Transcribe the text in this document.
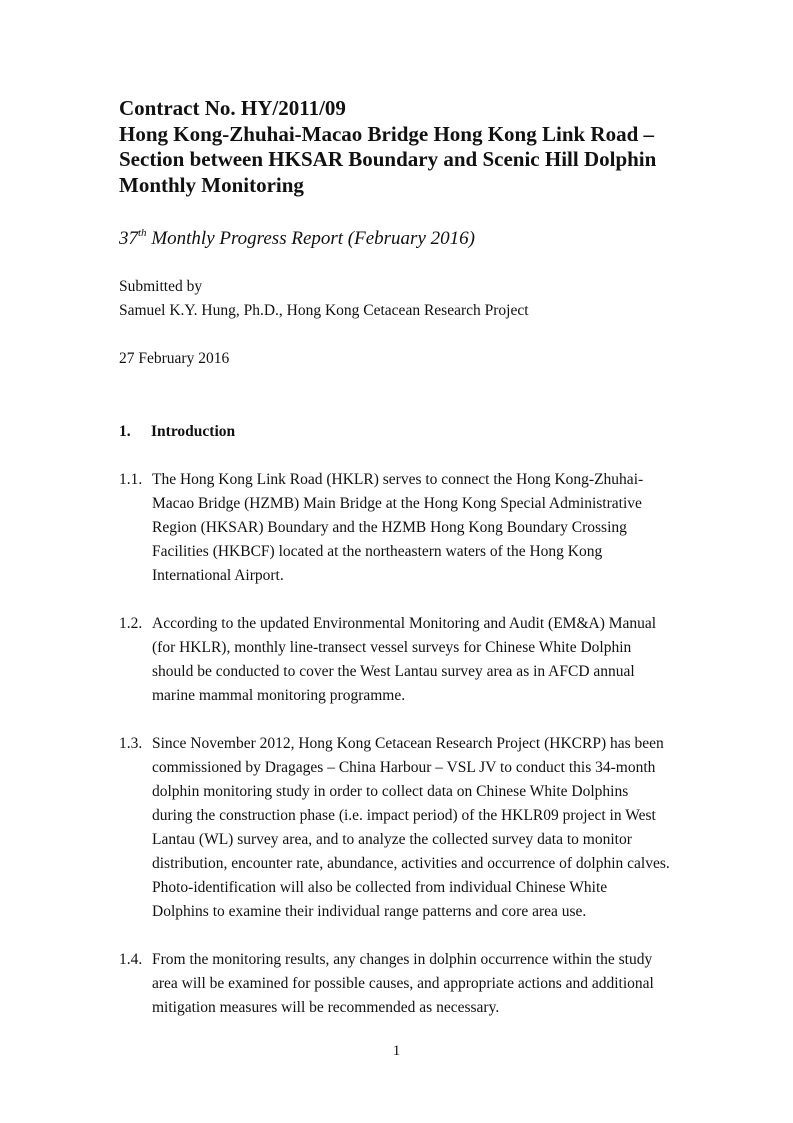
Contract No. HY/2011/09
Hong Kong-Zhuhai-Macao Bridge Hong Kong Link Road –
Section between HKSAR Boundary and Scenic Hill Dolphin
Monthly Monitoring
37th Monthly Progress Report (February 2016)
Submitted by
Samuel K.Y. Hung, Ph.D., Hong Kong Cetacean Research Project
27 February 2016
1. Introduction
1.1. The Hong Kong Link Road (HKLR) serves to connect the Hong Kong-Zhuhai-
Macao Bridge (HZMB) Main Bridge at the Hong Kong Special Administrative
Region (HKSAR) Boundary and the HZMB Hong Kong Boundary Crossing
Facilities (HKBCF) located at the northeastern waters of the Hong Kong
International Airport.
1.2. According to the updated Environmental Monitoring and Audit (EM&A) Manual
(for HKLR), monthly line-transect vessel surveys for Chinese White Dolphin
should be conducted to cover the West Lantau survey area as in AFCD annual
marine mammal monitoring programme.
1.3. Since November 2012, Hong Kong Cetacean Research Project (HKCRP) has been
commissioned by Dragages – China Harbour – VSL JV to conduct this 34-month
dolphin monitoring study in order to collect data on Chinese White Dolphins
during the construction phase (i.e. impact period) of the HKLR09 project in West
Lantau (WL) survey area, and to analyze the collected survey data to monitor
distribution, encounter rate, abundance, activities and occurrence of dolphin calves.
Photo-identification will also be collected from individual Chinese White
Dolphins to examine their individual range patterns and core area use.
1.4. From the monitoring results, any changes in dolphin occurrence within the study
area will be examined for possible causes, and appropriate actions and additional
mitigation measures will be recommended as necessary.
1
